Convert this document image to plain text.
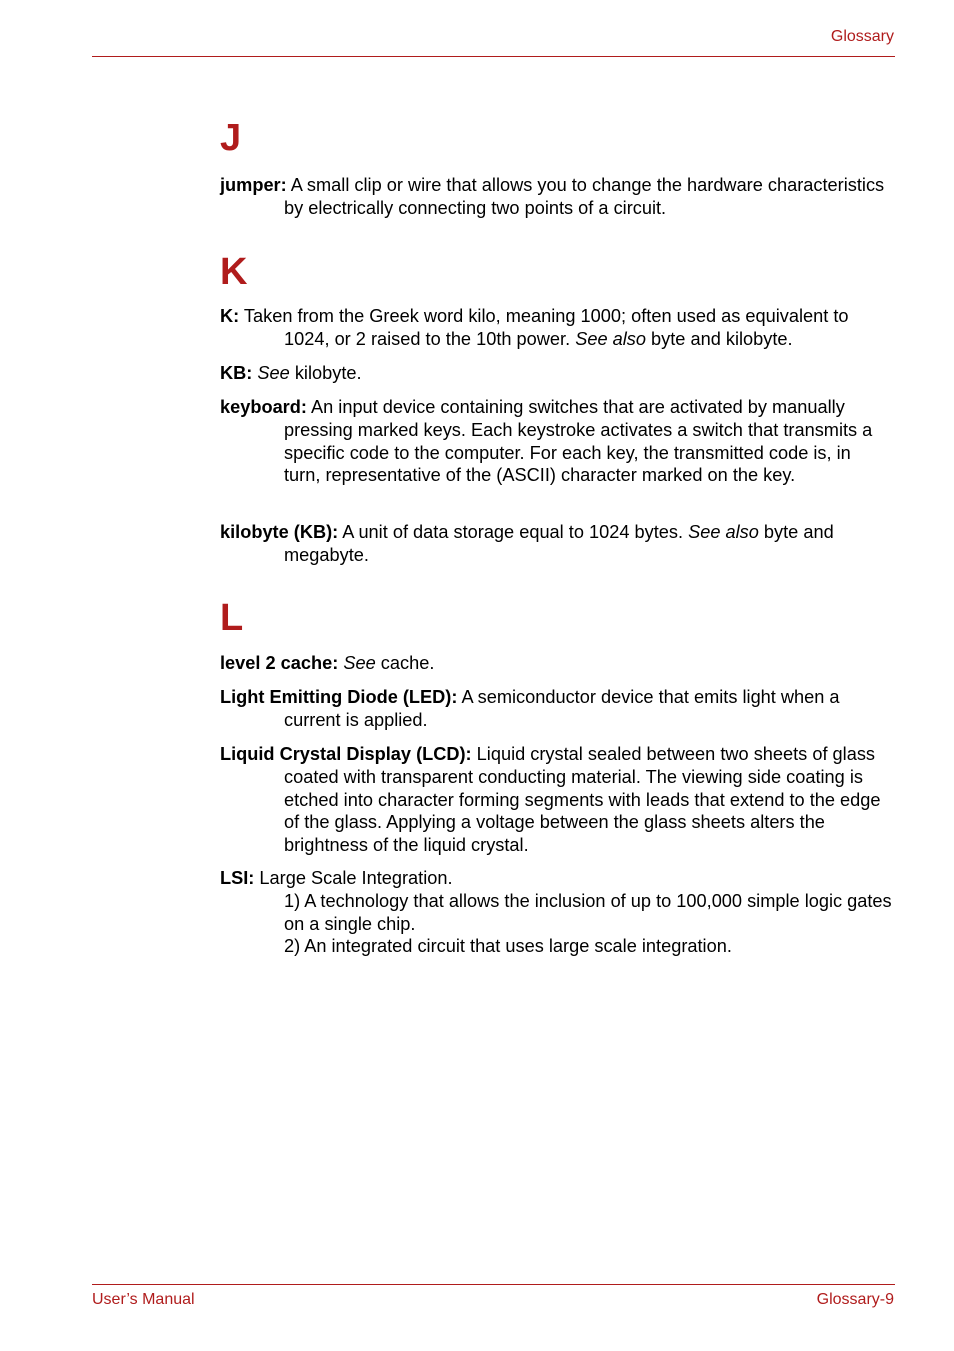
Glossary
J
jumper: A small clip or wire that allows you to change the hardware characteristics by electrically connecting two points of a circuit.
K
K: Taken from the Greek word kilo, meaning 1000; often used as equivalent to 1024, or 2 raised to the 10th power. See also byte and kilobyte.
KB: See kilobyte.
keyboard: An input device containing switches that are activated by manually pressing marked keys. Each keystroke activates a switch that transmits a specific code to the computer. For each key, the transmitted code is, in turn, representative of the (ASCII) character marked on the key.
kilobyte (KB): A unit of data storage equal to 1024 bytes. See also byte and megabyte.
L
level 2 cache: See cache.
Light Emitting Diode (LED): A semiconductor device that emits light when a current is applied.
Liquid Crystal Display (LCD): Liquid crystal sealed between two sheets of glass coated with transparent conducting material. The viewing side coating is etched into character forming segments with leads that extend to the edge of the glass. Applying a voltage between the glass sheets alters the brightness of the liquid crystal.
LSI: Large Scale Integration.
1) A technology that allows the inclusion of up to 100,000 simple logic gates on a single chip.
2) An integrated circuit that uses large scale integration.
User’s Manual	Glossary-9
